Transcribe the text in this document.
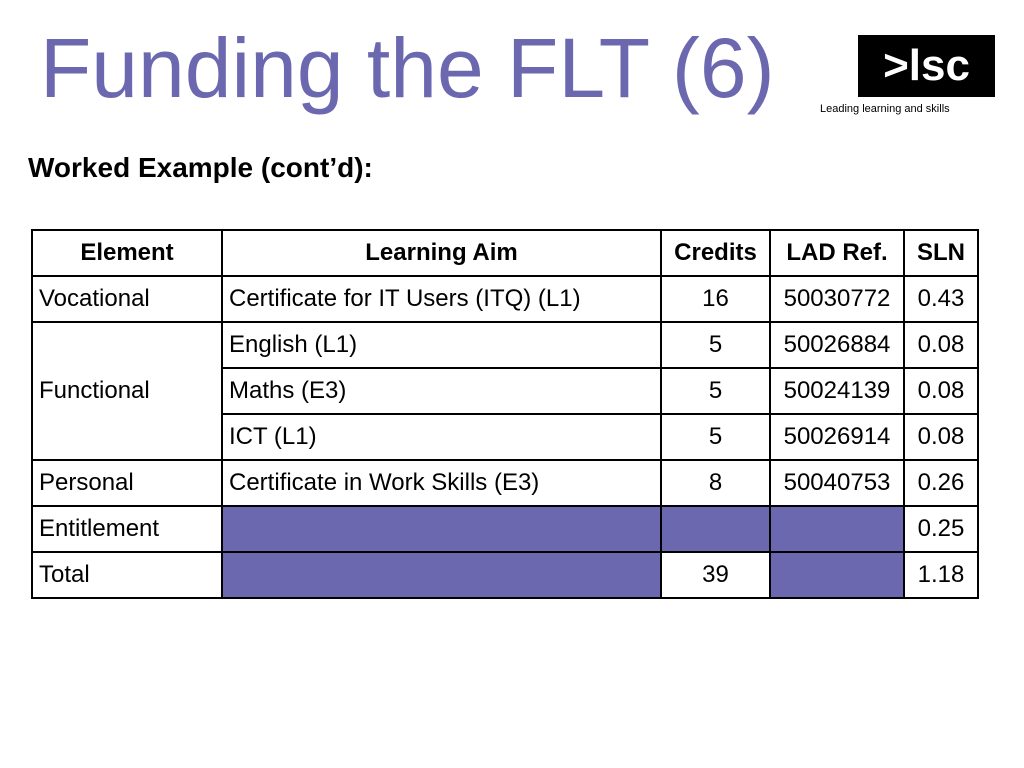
Funding the FLT (6)	>lsc
Leading learning and skills
Worked Example (cont’d):
Element	Learning Aim	Credits	LAD Ref.	SLN
Vocational	Certificate for IT Users (ITQ) (L1)	16	50030772	0.43
Functional	English (L1)	5	50026884	0.08
	Maths (E3)	5	50024139	0.08
	ICT (L1)	5	50026914	0.08
Personal	Certificate in Work Skills (E3)	8	50040753	0.26
Entitlement				0.25
Total		39		1.18
